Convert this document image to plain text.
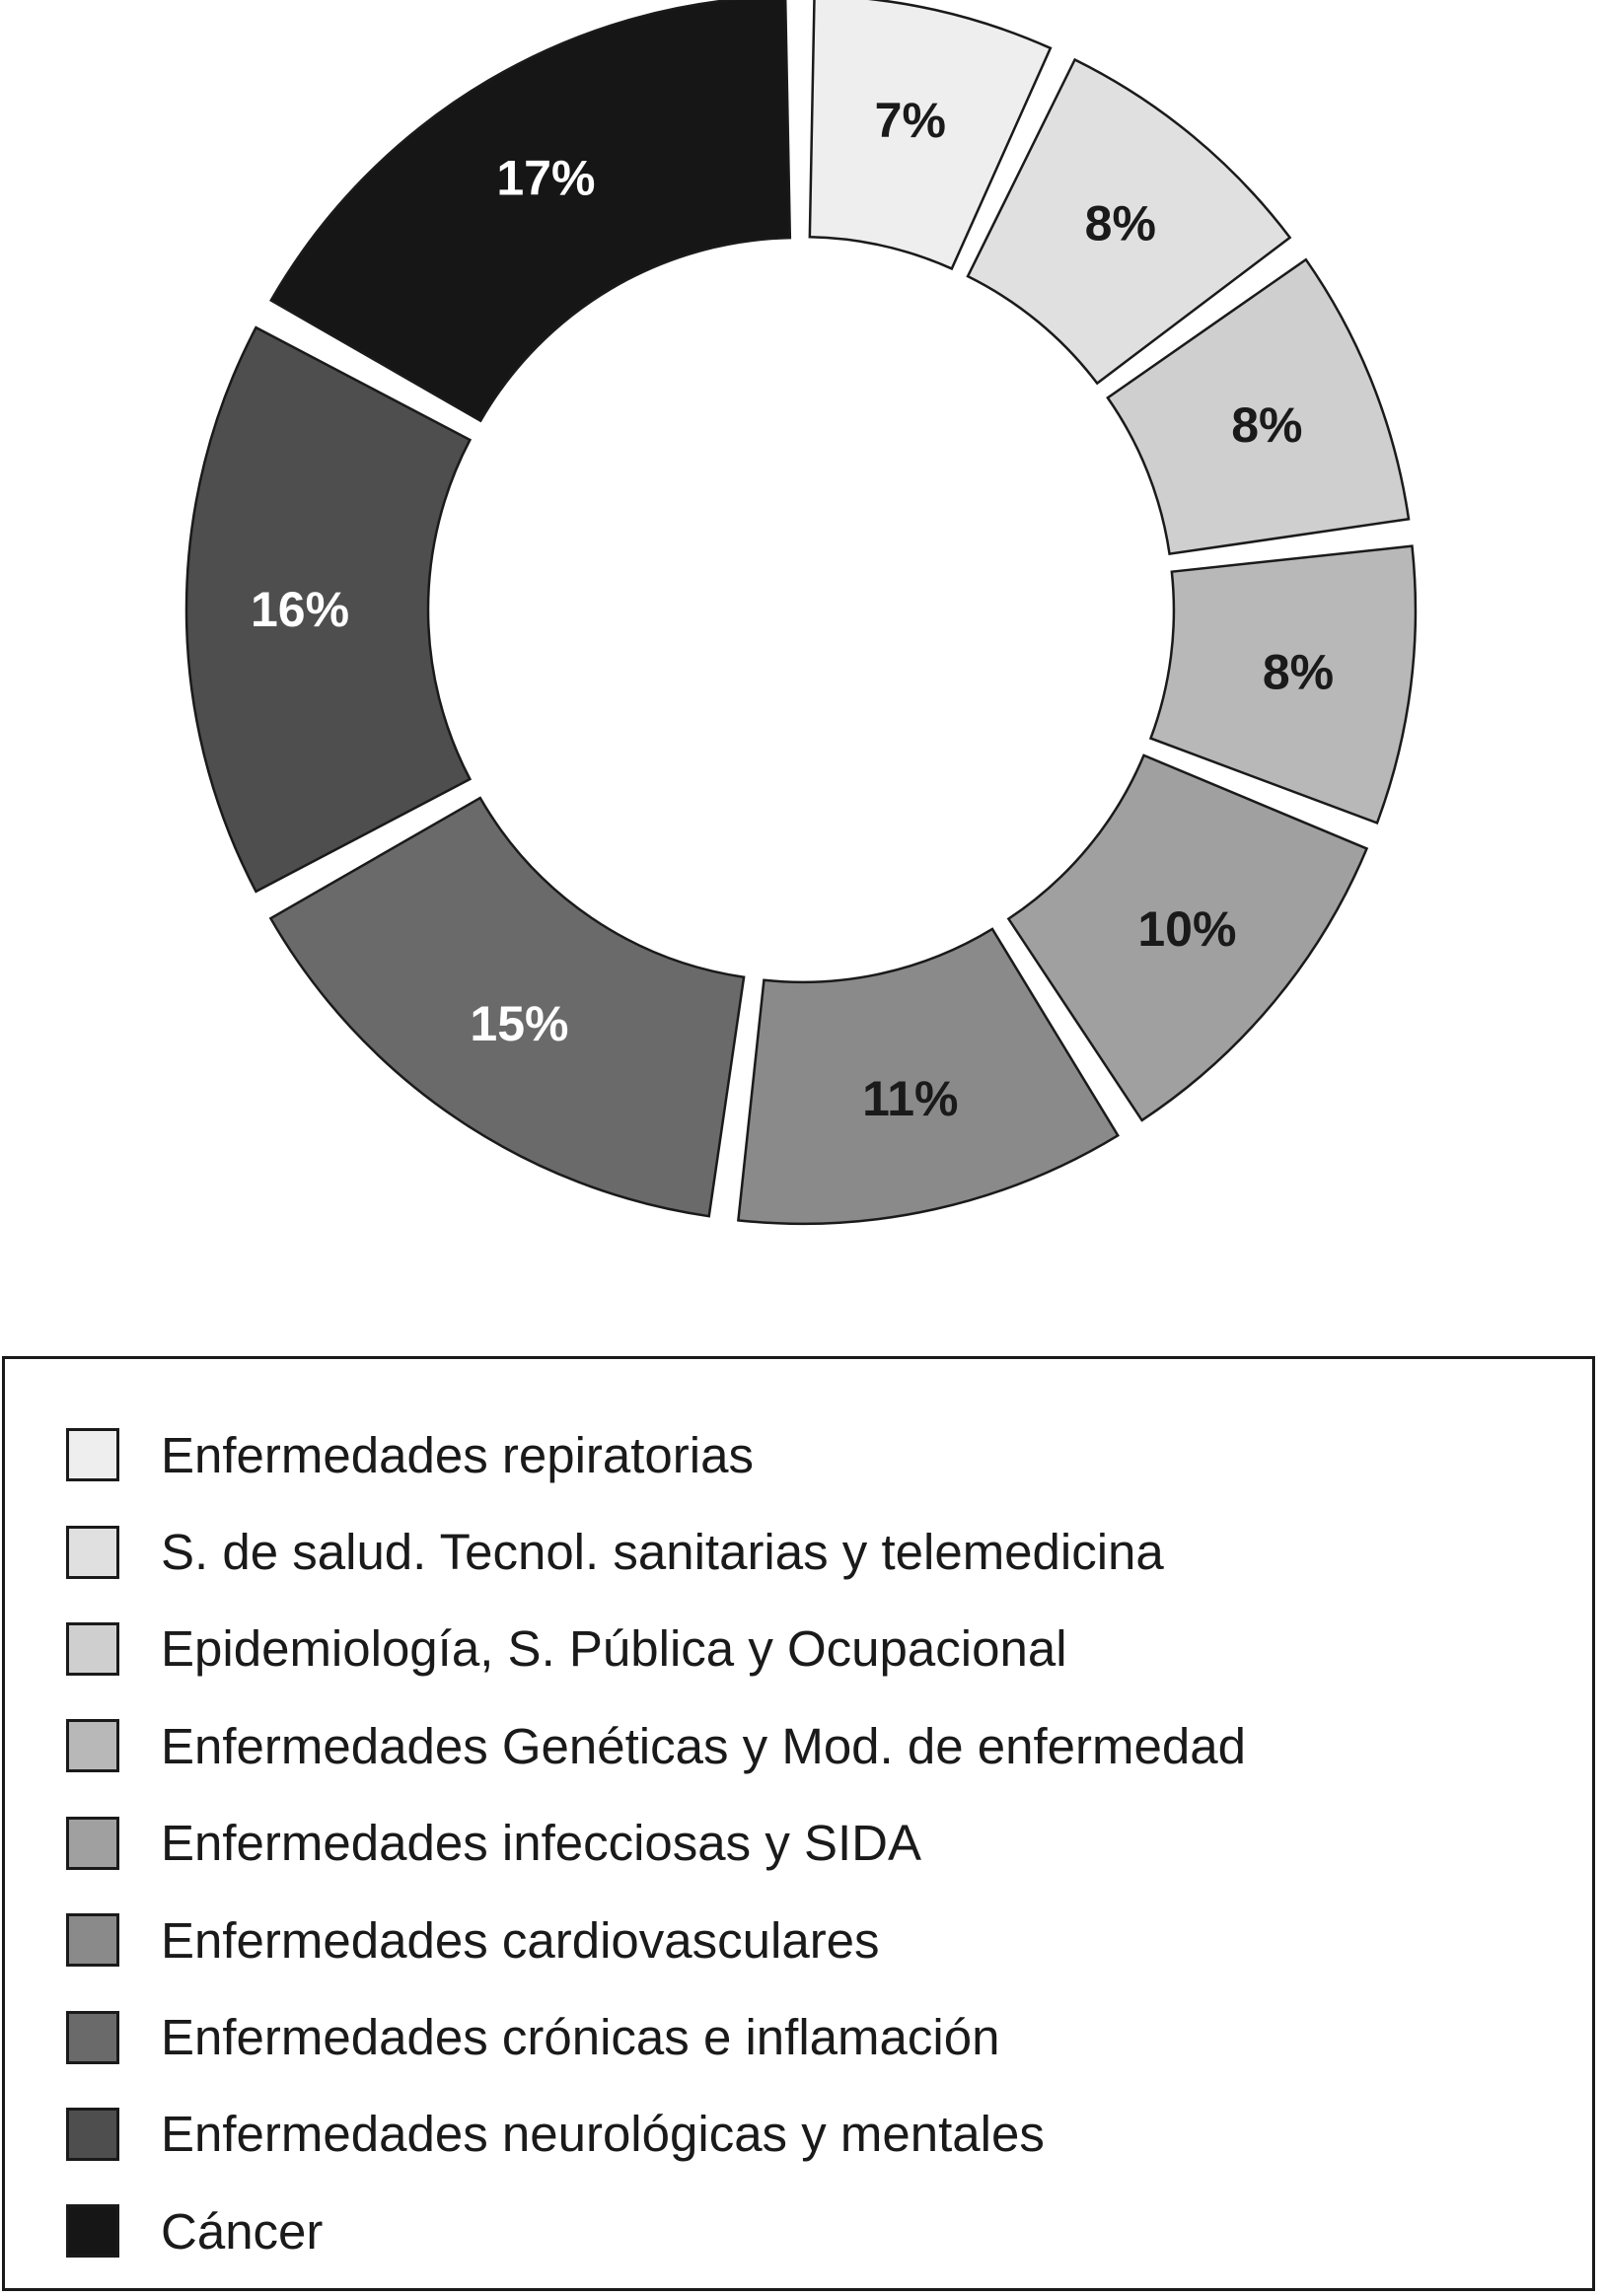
7%
8%
8%
8%
10%
11%
15%
16%
17%
Enfermedades repiratorias
S. de salud. Tecnol. sanitarias y telemedicina
Epidemiología, S. Pública y Ocupacional
Enfermedades Genéticas y Mod. de enfermedad
Enfermedades infecciosas y SIDA
Enfermedades cardiovasculares
Enfermedades crónicas e inflamación
Enfermedades neurológicas y mentales
Cáncer
